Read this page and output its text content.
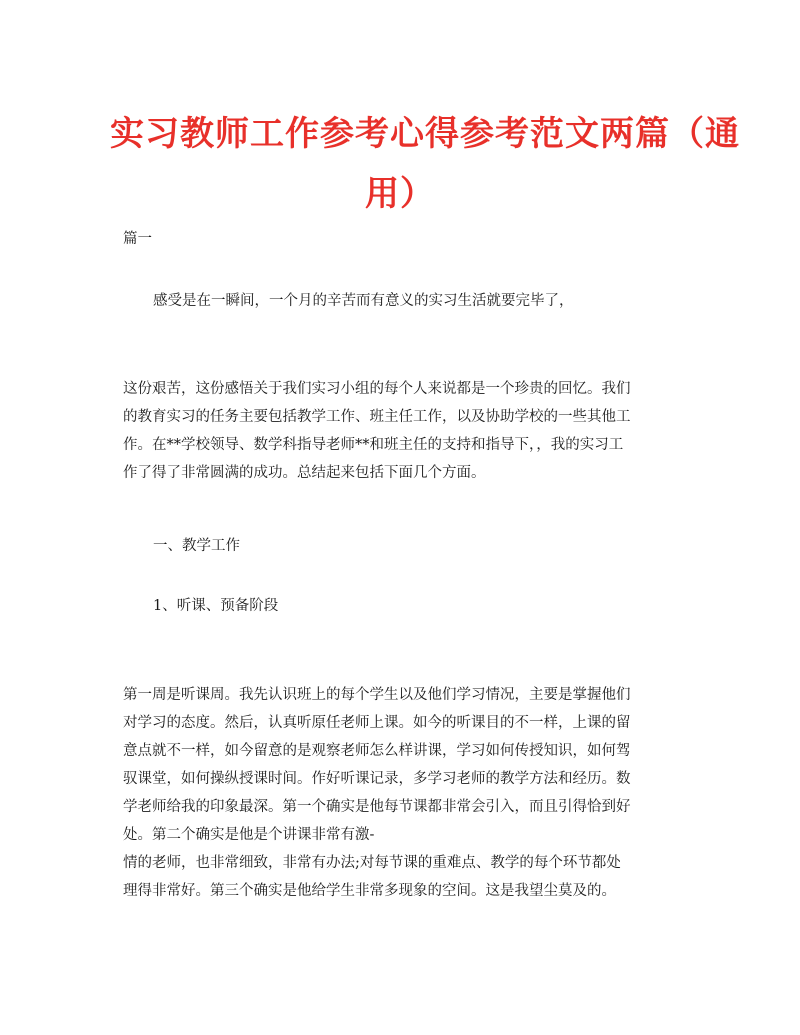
实习教师工作参考心得参考范文两篇（通
用）
篇一
感受是在一瞬间，一个月的辛苦而有意义的实习生活就要完毕了，
这份艰苦，这份感悟关于我们实习小组的每个人来说都是一个珍贵的回忆。我们
的教育实习的任务主要包括教学工作、班主任工作，以及协助学校的一些其他工
作。在**学校领导、数学科指导老师**和班主任的支持和指导下，，我的实习工
作了得了非常圆满的成功。总结起来包括下面几个方面。
一、教学工作
1、听课、预备阶段
第一周是听课周。我先认识班上的每个学生以及他们学习情况，主要是掌握他们
对学习的态度。然后，认真听原任老师上课。如今的听课目的不一样，上课的留
意点就不一样，如今留意的是观察老师怎么样讲课，学习如何传授知识，如何驾
驭课堂，如何操纵授课时间。作好听课记录，多学习老师的教学方法和经历。数
学老师给我的印象最深。第一个确实是他每节课都非常会引入，而且引得恰到好
处。第二个确实是他是个讲课非常有激-
情的老师，也非常细致，非常有办法;对每节课的重难点、教学的每个环节都处
理得非常好。第三个确实是他给学生非常多现象的空间。这是我望尘莫及的。
